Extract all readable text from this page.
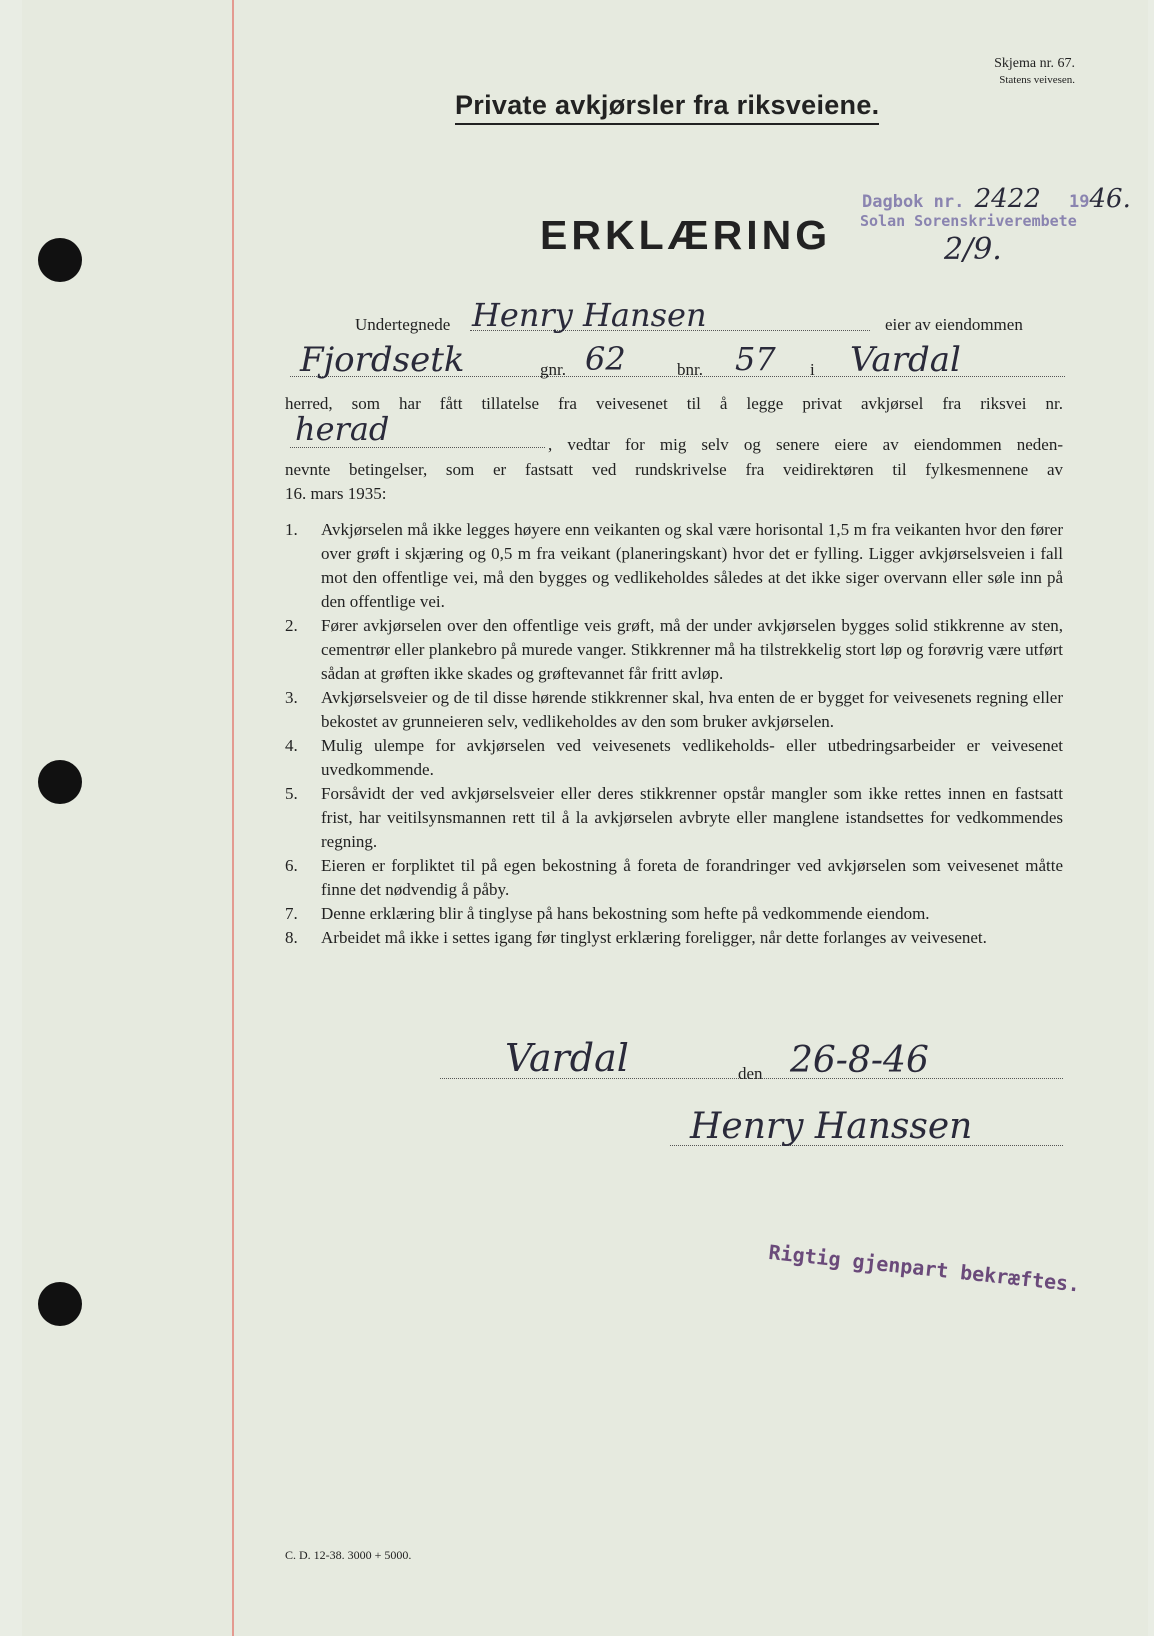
Skjema nr. 67.
Statens veivesen.
Private avkjørsler fra riksveiene.
Dagbok nr. 2422 1946.
Solan Sorenskriverembete
2/9.
ERKLÆRING
Undertegnede Henry Hansen	eier av eiendommen
Fjordsetk	gnr. 62	bnr. 57 i Vardal
herred, som har fått tillatelse fra veivesenet til å legge privat avkjørsel fra riksvei nr.
herad	, vedtar for mig selv og senere eiere av eiendommen neden-
nevnte betingelser, som er fastsatt ved rundskrivelse fra veidirektøren til fylkesmennene av
16. mars 1935:
1.	Avkjørselen må ikke legges høyere enn veikanten og skal være horisontal 1,5 m fra veikanten hvor den fører over grøft i skjæring og 0,5 m fra veikant (planeringskant) hvor det er fylling. Ligger avkjørselsveien i fall mot den offentlige vei, må den bygges og vedlikeholdes således at det ikke siger overvann eller søle inn på den offentlige vei.
2.	Fører avkjørselen over den offentlige veis grøft, må der under avkjørselen bygges solid stikkrenne av sten, cementrør eller plankebro på murede vanger. Stikkrenner må ha tilstrekkelig stort løp og forøvrig være utført sådan at grøften ikke skades og grøftevannet får fritt avløp.
3.	Avkjørselsveier og de til disse hørende stikkrenner skal, hva enten de er bygget for veivesenets regning eller bekostet av grunneieren selv, vedlikeholdes av den som bruker avkjørselen.
4.	Mulig ulempe for avkjørselen ved veivesenets vedlikeholds- eller utbedringsarbeider er veivesenet uvedkommende.
5.	Forsåvidt der ved avkjørselsveier eller deres stikkrenner opstår mangler som ikke rettes innen en fastsatt frist, har veitilsynsmannen rett til å la avkjørselen avbryte eller manglene istandsettes for vedkommendes regning.
6.	Eieren er forpliktet til på egen bekostning å foreta de forandringer ved avkjørselen som veivesenet måtte finne det nødvendig å påby.
7.	Denne erklæring blir å tinglyse på hans bekostning som hefte på vedkommende eiendom.
8.	Arbeidet må ikke i settes igang før tinglyst erklæring foreligger, når dette forlanges av veivesenet.
Vardal	den 26-8-46
Henry Hanssen
Rigtig gjenpart bekræftes.
C. D. 12-38. 3000 + 5000.
